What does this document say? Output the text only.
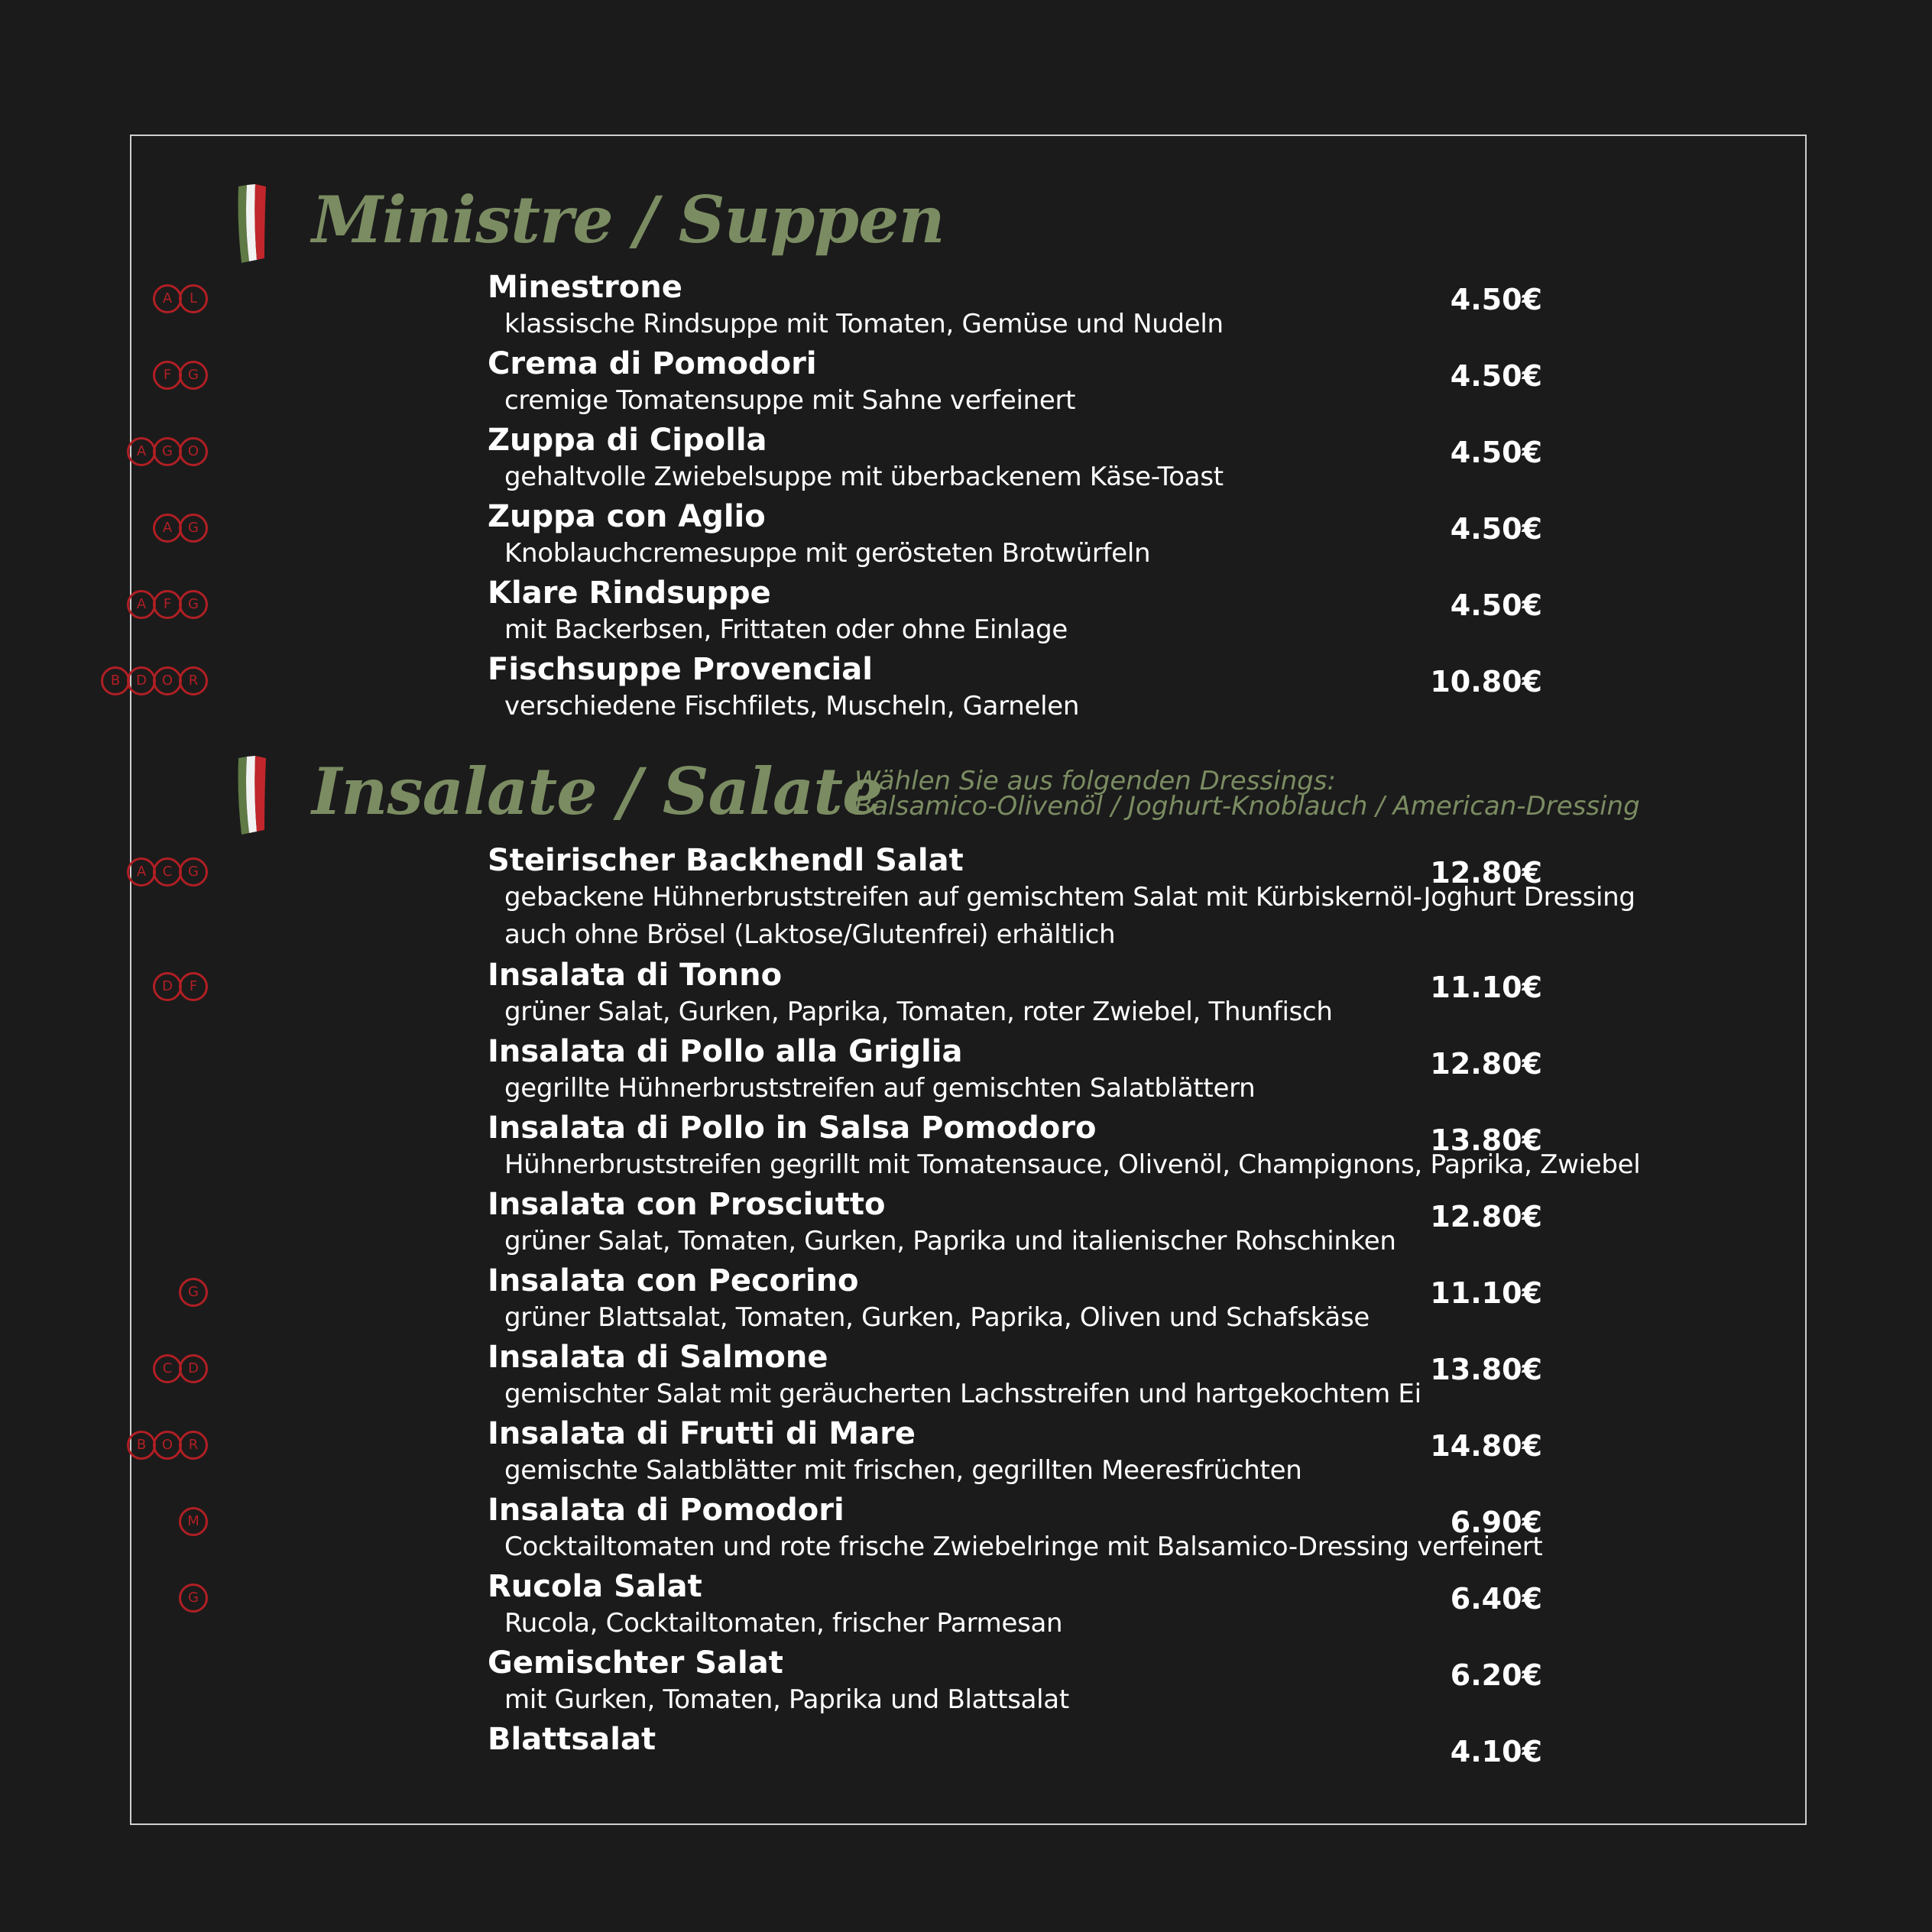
Ministre / Suppen
A	L	Minestrone	4.50€
klassische Rindsuppe mit Tomaten, Gemüse und Nudeln
F	G	Crema di Pomodori	4.50€
cremige Tomatensuppe mit Sahne verfeinert
A	G	O	Zuppa di Cipolla	4.50€
gehaltvolle Zwiebelsuppe mit überbackenem Käse-Toast
A	G	Zuppa con Aglio	4.50€
Knoblauchcremesuppe mit gerösteten Brotwürfeln
A	F	G	Klare Rindsuppe	4.50€
mit Backerbsen, Frittaten oder ohne Einlage
B	D	O	R	Fischsuppe Provencial	10.80€
verschiedene Fischfilets, Muscheln, Garnelen
Insalate / Salate
Wählen Sie aus folgenden Dressings:
Balsamico-Olivenöl / Joghurt-Knoblauch / American-Dressing
A	C	G	Steirischer Backhendl Salat	12.80€
gebackene Hühnerbruststreifen auf gemischtem Salat mit Kürbiskernöl-Joghurt Dressing
auch ohne Brösel (Laktose/Glutenfrei) erhältlich
D	F	Insalata di Tonno	11.10€
grüner Salat, Gurken, Paprika, Tomaten, roter Zwiebel, Thunfisch
Insalata di Pollo alla Griglia	12.80€
gegrillte Hühnerbruststreifen auf gemischten Salatblättern
Insalata di Pollo in Salsa Pomodoro	13.80€
Hühnerbruststreifen gegrillt mit Tomatensauce, Olivenöl, Champignons, Paprika, Zwiebel
Insalata con Prosciutto	12.80€
grüner Salat, Tomaten, Gurken, Paprika und italienischer Rohschinken
G	Insalata con Pecorino	11.10€
grüner Blattsalat, Tomaten, Gurken, Paprika, Oliven und Schafskäse
C	D	Insalata di Salmone	13.80€
gemischter Salat mit geräucherten Lachsstreifen und hartgekochtem Ei
B	O	R	Insalata di Frutti di Mare	14.80€
gemischte Salatblätter mit frischen, gegrillten Meeresfrüchten
M	Insalata di Pomodori	6.90€
Cocktailtomaten und rote frische Zwiebelringe mit Balsamico-Dressing verfeinert
G	Rucola Salat	6.40€
Rucola, Cocktailtomaten, frischer Parmesan
Gemischter Salat	6.20€
mit Gurken, Tomaten, Paprika und Blattsalat
Blattsalat	4.10€
